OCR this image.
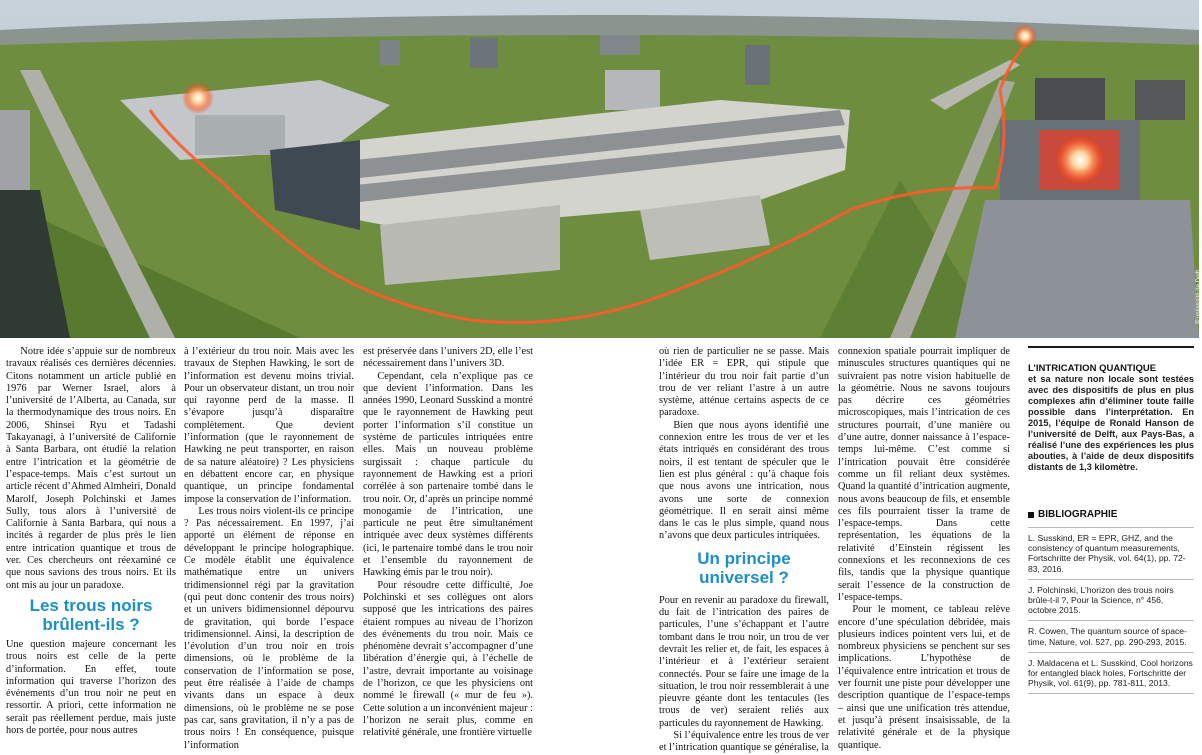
© université de Delft

Notre idée s’appuie sur de nombreux travaux réalisés ces dernières décennies. Citons notamment un article publié en 1976 par Werner Israel, alors à l’université de l’Alberta, au Canada, sur la thermodynamique des trous noirs. En 2006, Shinsei Ryu et Tadashi Takayanagi, à l’université de Californie à Santa Barbara, ont étudié la relation entre l’intrication et la géométrie de l’espace-temps. Mais c’est surtout un article récent d’Ahmed Almheiri, Donald Marolf, Joseph Polchinski et James Sully, tous alors à l’université de Californie à Santa Barbara, qui nous a incités à regarder de plus près le lien entre intrication quantique et trous de ver. Ces chercheurs ont réexaminé ce que nous savions des trous noirs. Et ils ont mis au jour un paradoxe.

Les trous noirs brûlent-ils ?

Une question majeure concernant les trous noirs est celle de la perte d’information. En effet, toute information qui traverse l’horizon des événements d’un trou noir ne peut en ressortir. A priori, cette information ne serait pas réellement perdue, mais juste hors de portée, pour nous autres

à l’extérieur du trou noir. Mais avec les travaux de Stephen Hawking, le sort de l’information est devenu moins trivial. Pour un observateur distant, un trou noir qui rayonne perd de la masse. Il s’évapore jusqu’à disparaître complètement. Que devient l’information (que le rayonnement de Hawking ne peut transporter, en raison de sa nature aléatoire) ? Les physiciens en débattent encore car, en physique quantique, un principe fondamental impose la conservation de l’information.

Les trous noirs violent-ils ce principe ? Pas nécessairement. En 1997, j’ai apporté un élément de réponse en développant le principe holographique. Ce modèle établit une équivalence mathématique entre un univers tridimensionnel régi par la gravitation (qui peut donc contenir des trous noirs) et un univers bidimensionnel dépourvu de gravitation, qui borde l’espace tridimensionnel. Ainsi, la description de l’évolution d’un trou noir en trois dimensions, où le problème de la conservation de l’information se pose, peut être réalisée à l’aide de champs vivants dans un espace à deux dimensions, où le problème ne se pose pas car, sans gravitation, il n’y a pas de trous noirs ! En conséquence, puisque l’information

est préservée dans l’univers 2D, elle l’est nécessairement dans l’univers 3D.

Cependant, cela n’explique pas ce que devient l’information. Dans les années 1990, Leonard Susskind a montré que le rayonnement de Hawking peut porter l’information s’il constitue un système de particules intriquées entre elles. Mais un nouveau problème surgissait : chaque particule du rayonnement de Hawking est a priori corrélée à son partenaire tombé dans le trou noir. Or, d’après un principe nommé monogamie de l’intrication, une particule ne peut être simultanément intriquée avec deux systèmes différents (ici, le partenaire tombé dans le trou noir et l’ensemble du rayonnement de Hawking émis par le trou noir).

Pour résoudre cette difficulté, Joe Polchinski et ses collègues ont alors supposé que les intrications des paires étaient rompues au niveau de l’horizon des événements du trou noir. Mais ce phénomène devrait s’accompagner d’une libération d’énergie qui, à l’échelle de l’astre, devrait importante au voisinage de l’horizon, ce que les physiciens ont nommé le firewall (« mur de feu »). Cette solution a un inconvénient majeur : l’horizon ne serait plus, comme en relativité générale, une frontière virtuelle

où rien de particulier ne se passe. Mais l’idée ER = EPR, qui stipule que l’intérieur du trou noir fait partie d’un trou de ver reliant l’astre à un autre système, atténue certains aspects de ce paradoxe.

Bien que nous ayons identifié une connexion entre les trous de ver et les états intriqués en considérant des trous noirs, il est tentant de spéculer que le lien est plus général : qu’à chaque fois que nous avons une intrication, nous avons une sorte de connexion géométrique. Il en serait ainsi même dans le cas le plus simple, quand nous n’avons que deux particules intriquées.

Un principe universel ?

Pour en revenir au paradoxe du firewall, du fait de l’intrication des paires de particules, l’une s’échappant et l’autre tombant dans le trou noir, un trou de ver devrait les relier et, de fait, les espaces à l’intérieur et à l’extérieur seraient connectés. Pour se faire une image de la situation, le trou noir ressemblerait à une pieuvre géante dont les tentacules (les trous de ver) seraient reliés aux particules du rayonnement de Hawking.

Si l’équivalence entre les trous de ver et l’intrication quantique se généralise, la

connexion spatiale pourrait impliquer de minuscules structures quantiques qui ne suivraient pas notre vision habituelle de la géométrie. Nous ne savons toujours pas décrire ces géométries microscopiques, mais l’intrication de ces structures pourrait, d’une manière ou d’une autre, donner naissance à l’espace-temps lui-même. C’est comme si l’intrication pouvait être considérée comme un fil reliant deux systèmes. Quand la quantité d’intrication augmente, nous avons beaucoup de fils, et ensemble ces fils pourraient tisser la trame de l’espace-temps. Dans cette représentation, les équations de la relativité d’Einstein régissent les connexions et les reconnexions de ces fils, tandis que la physique quantique serait l’essence de la construction de l’espace-temps.

Pour le moment, ce tableau relève encore d’une spéculation débridée, mais plusieurs indices pointent vers lui, et de nombreux physiciens se penchent sur ses implications. L’hypothèse de l’équivalence entre intrication et trous de ver fournit une piste pour développer une description quantique de l’espace-temps – ainsi que une unification très attendue, et jusqu’à présent insaisissable, de la relativité générale et de la physique quantique.

L’INTRICATION QUANTIQUE
et sa nature non locale sont testées avec des dispositifs de plus en plus complexes afin d’éliminer toute faille possible dans l’interprétation. En 2015, l’équipe de Ronald Hanson de l’université de Delft, aux Pays-Bas, a réalisé l’une des expériences les plus abouties, à l’aide de deux dispositifs distants de 1,3 kilomètre.
BIBLIOGRAPHIE
L. Susskind, ER = EPR, GHZ, and the consistency of quantum measurements, Fortschritte der Physik, vol. 64(1), pp. 72-83, 2016.
J. Polchinski, L’horizon des trous noirs brûle-t-il ?, Pour la Science, n° 456, octobre 2015.
R. Cowen, The quantum source of space-time, Nature, vol. 527, pp. 290-293, 2015.
J. Maldacena et L. Susskind, Cool horizons for entangled black holes, Fortschritte der Physik, vol. 61(9), pp. 781-811, 2013.
